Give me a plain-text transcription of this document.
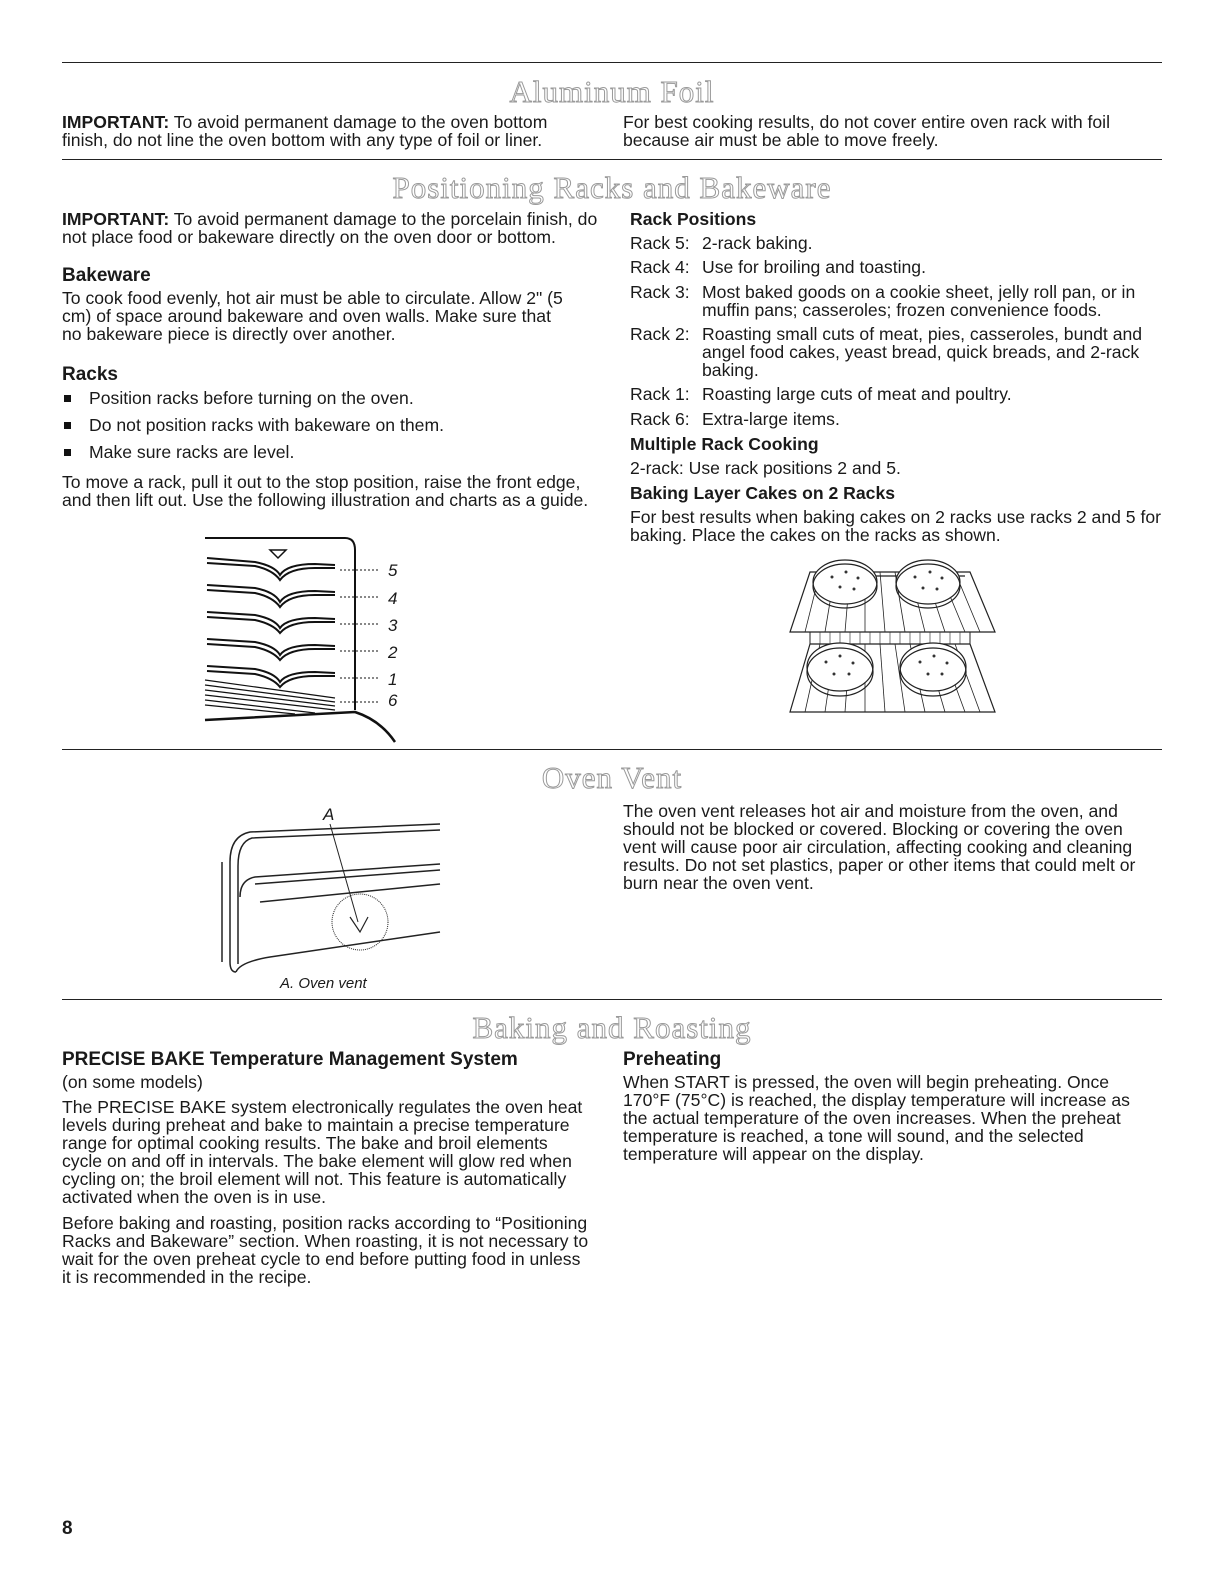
Aluminum Foil

IMPORTANT: To avoid permanent damage to the oven bottom finish, do not line the oven bottom with any type of foil or liner.

For best cooking results, do not cover entire oven rack with foil because air must be able to move freely.

Positioning Racks and Bakeware

IMPORTANT: To avoid permanent damage to the porcelain finish, do not place food or bakeware directly on the oven door or bottom.

Bakeware

To cook food evenly, hot air must be able to circulate. Allow 2" (5 cm) of space around bakeware and oven walls. Make sure that no bakeware piece is directly over another.

Racks
Position racks before turning on the oven.
Do not position racks with bakeware on them.
Make sure racks are level.

To move a rack, pull it out to the stop position, raise the front edge, and then lift out. Use the following illustration and charts as a guide.

5
4
3
2
1
6
Rack Positions
Rack 5: 2-rack baking.
Rack 4: Use for broiling and toasting.
Rack 3: Most baked goods on a cookie sheet, jelly roll pan, or in muffin pans; casseroles; frozen convenience foods.
Rack 2: Roasting small cuts of meat, pies, casseroles, bundt and angel food cakes, yeast bread, quick breads, and 2-rack baking.
Rack 1: Roasting large cuts of meat and poultry.
Rack 6: Extra-large items.
Multiple Rack Cooking

2-rack: Use rack positions 2 and 5.

Baking Layer Cakes on 2 Racks

For best results when baking cakes on 2 racks use racks 2 and 5 for baking. Place the cakes on the racks as shown.

Oven Vent
A
A. Oven vent

The oven vent releases hot air and moisture from the oven, and should not be blocked or covered. Blocking or covering the oven vent will cause poor air circulation, affecting cooking and cleaning results. Do not set plastics, paper or other items that could melt or burn near the oven vent.

Baking and Roasting
PRECISE BAKE Temperature Management System

(on some models)

The PRECISE BAKE system electronically regulates the oven heat levels during preheat and bake to maintain a precise temperature range for optimal cooking results. The bake and broil elements cycle on and off in intervals. The bake element will glow red when cycling on; the broil element will not. This feature is automatically activated when the oven is in use.

Before baking and roasting, position racks according to “Positioning Racks and Bakeware” section. When roasting, it is not necessary to wait for the oven preheat cycle to end before putting food in unless it is recommended in the recipe.

Preheating

When START is pressed, the oven will begin preheating. Once 170°F (75°C) is reached, the display temperature will increase as the actual temperature of the oven increases. When the preheat temperature is reached, a tone will sound, and the selected temperature will appear on the display.

8
